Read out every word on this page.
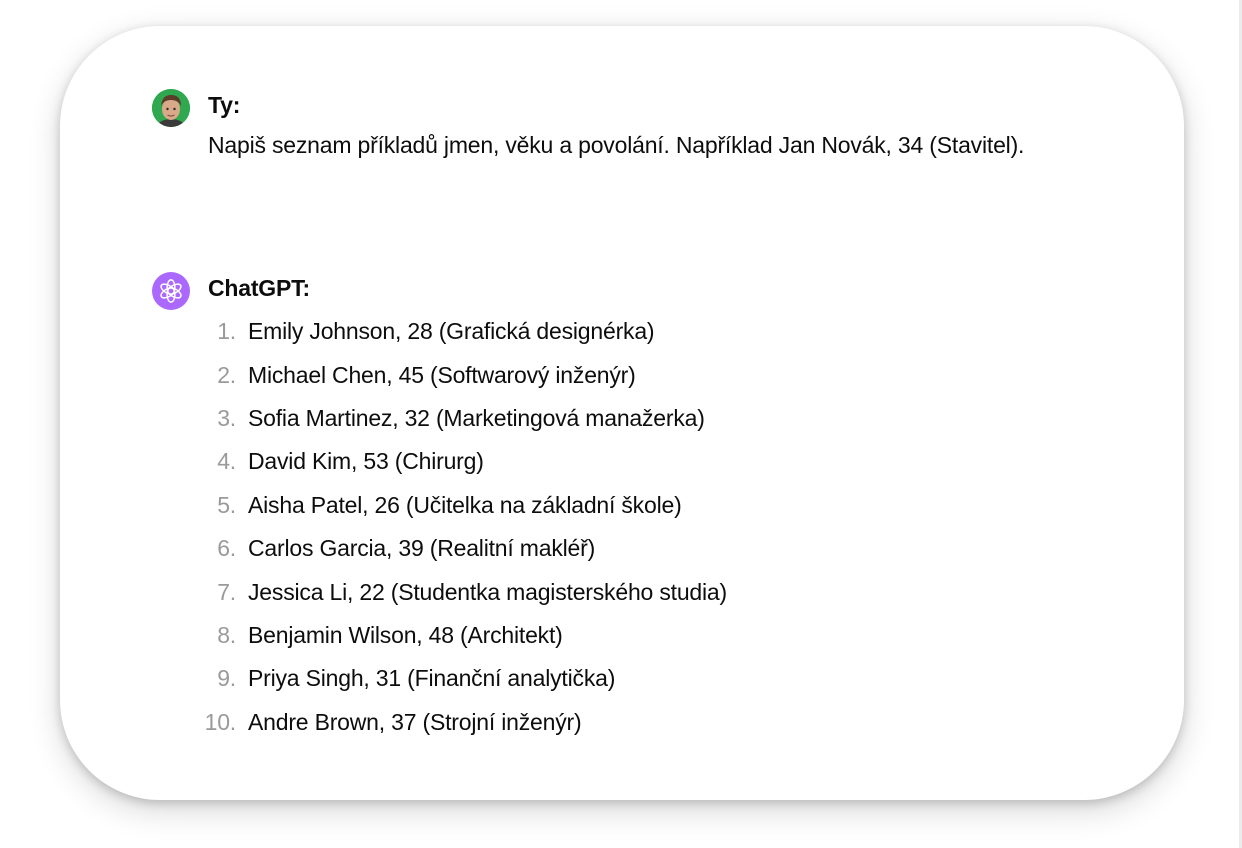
Ty:
Napiš seznam příkladů jmen, věku a povolání. Například Jan Novák, 34 (Stavitel).
ChatGPT:
1. Emily Johnson, 28 (Grafická designérka)
2. Michael Chen, 45 (Softwarový inženýr)
3. Sofia Martinez, 32 (Marketingová manažerka)
4. David Kim, 53 (Chirurg)
5. Aisha Patel, 26 (Učitelka na základní škole)
6. Carlos Garcia, 39 (Realitní makléř)
7. Jessica Li, 22 (Studentka magisterského studia)
8. Benjamin Wilson, 48 (Architekt)
9. Priya Singh, 31 (Finanční analytička)
10. Andre Brown, 37 (Strojní inženýr)
